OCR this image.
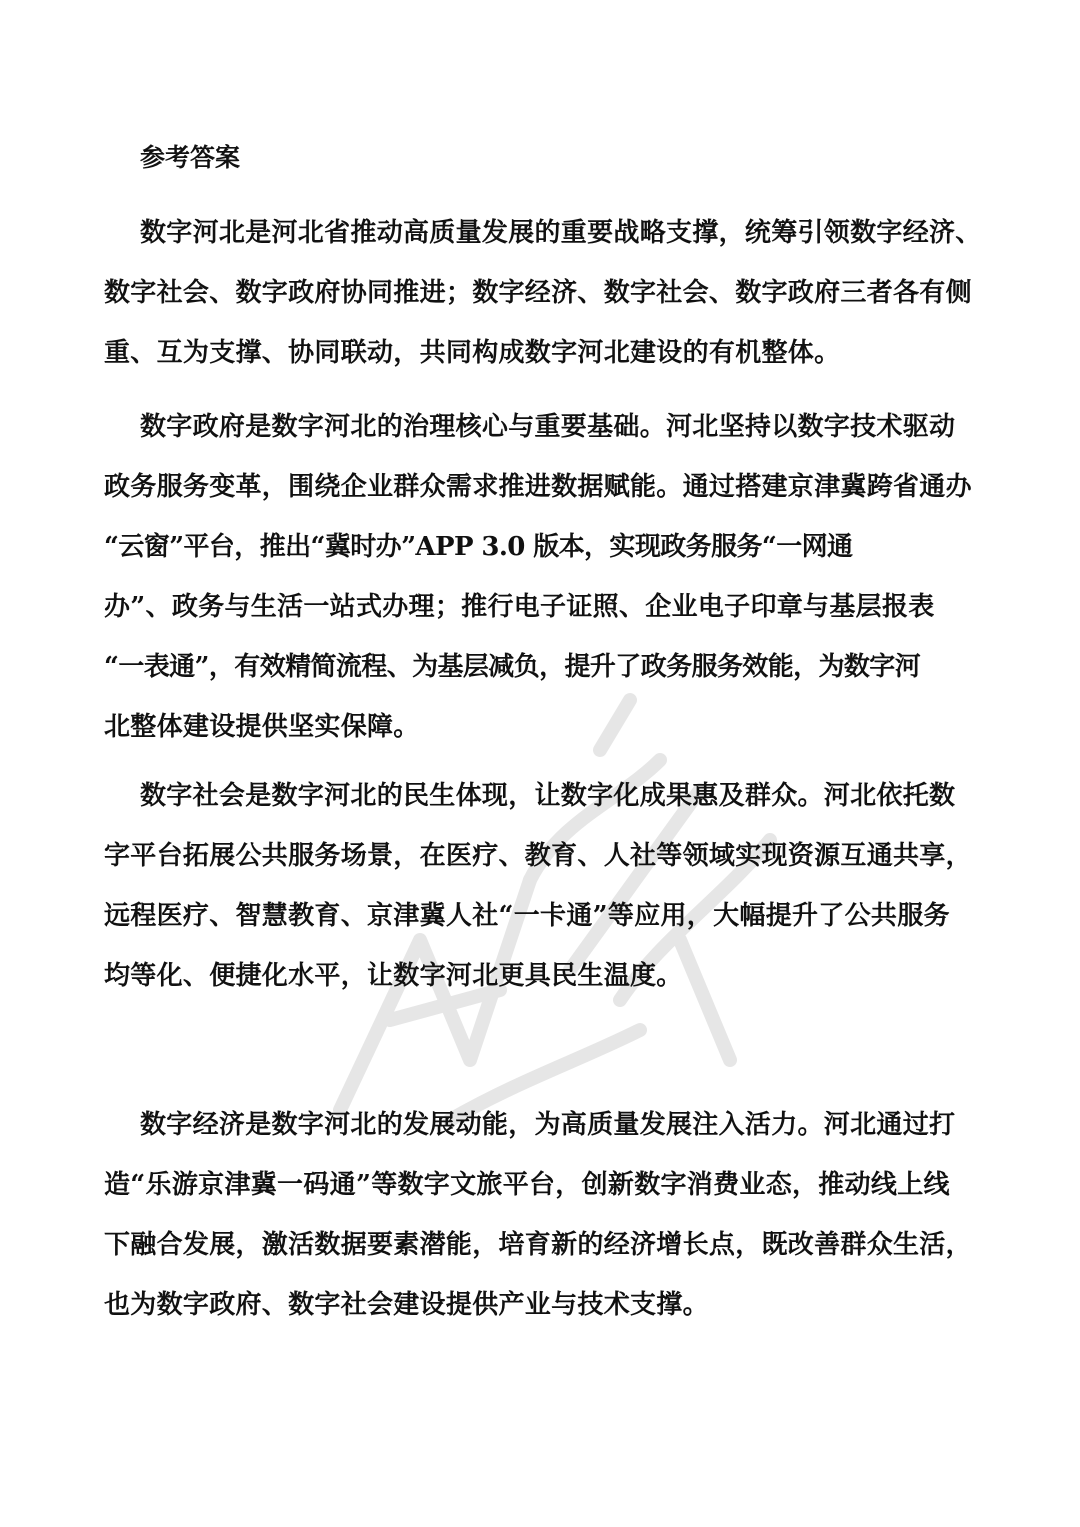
参考答案
数字河北是河北省推动高质量发展的重要战略支撑，统筹引领数字经济、
数字社会、数字政府协同推进；数字经济、数字社会、数字政府三者各有侧
重、互为支撑、协同联动，共同构成数字河北建设的有机整体。
数字政府是数字河北的治理核心与重要基础。河北坚持以数字技术驱动
政务服务变革，围绕企业群众需求推进数据赋能。通过搭建京津冀跨省通办
“云窗”平台，推出“冀时办”APP 3.0 版本，实现政务服务“一网通
办”、政务与生活一站式办理；推行电子证照、企业电子印章与基层报表
“一表通”，有效精简流程、为基层减负，提升了政务服务效能，为数字河
北整体建设提供坚实保障。
数字社会是数字河北的民生体现，让数字化成果惠及群众。河北依托数
字平台拓展公共服务场景，在医疗、教育、人社等领域实现资源互通共享，
远程医疗、智慧教育、京津冀人社“一卡通”等应用，大幅提升了公共服务
均等化、便捷化水平，让数字河北更具民生温度。
数字经济是数字河北的发展动能，为高质量发展注入活力。河北通过打
造“乐游京津冀一码通”等数字文旅平台，创新数字消费业态，推动线上线
下融合发展，激活数据要素潜能，培育新的经济增长点，既改善群众生活，
也为数字政府、数字社会建设提供产业与技术支撑。
